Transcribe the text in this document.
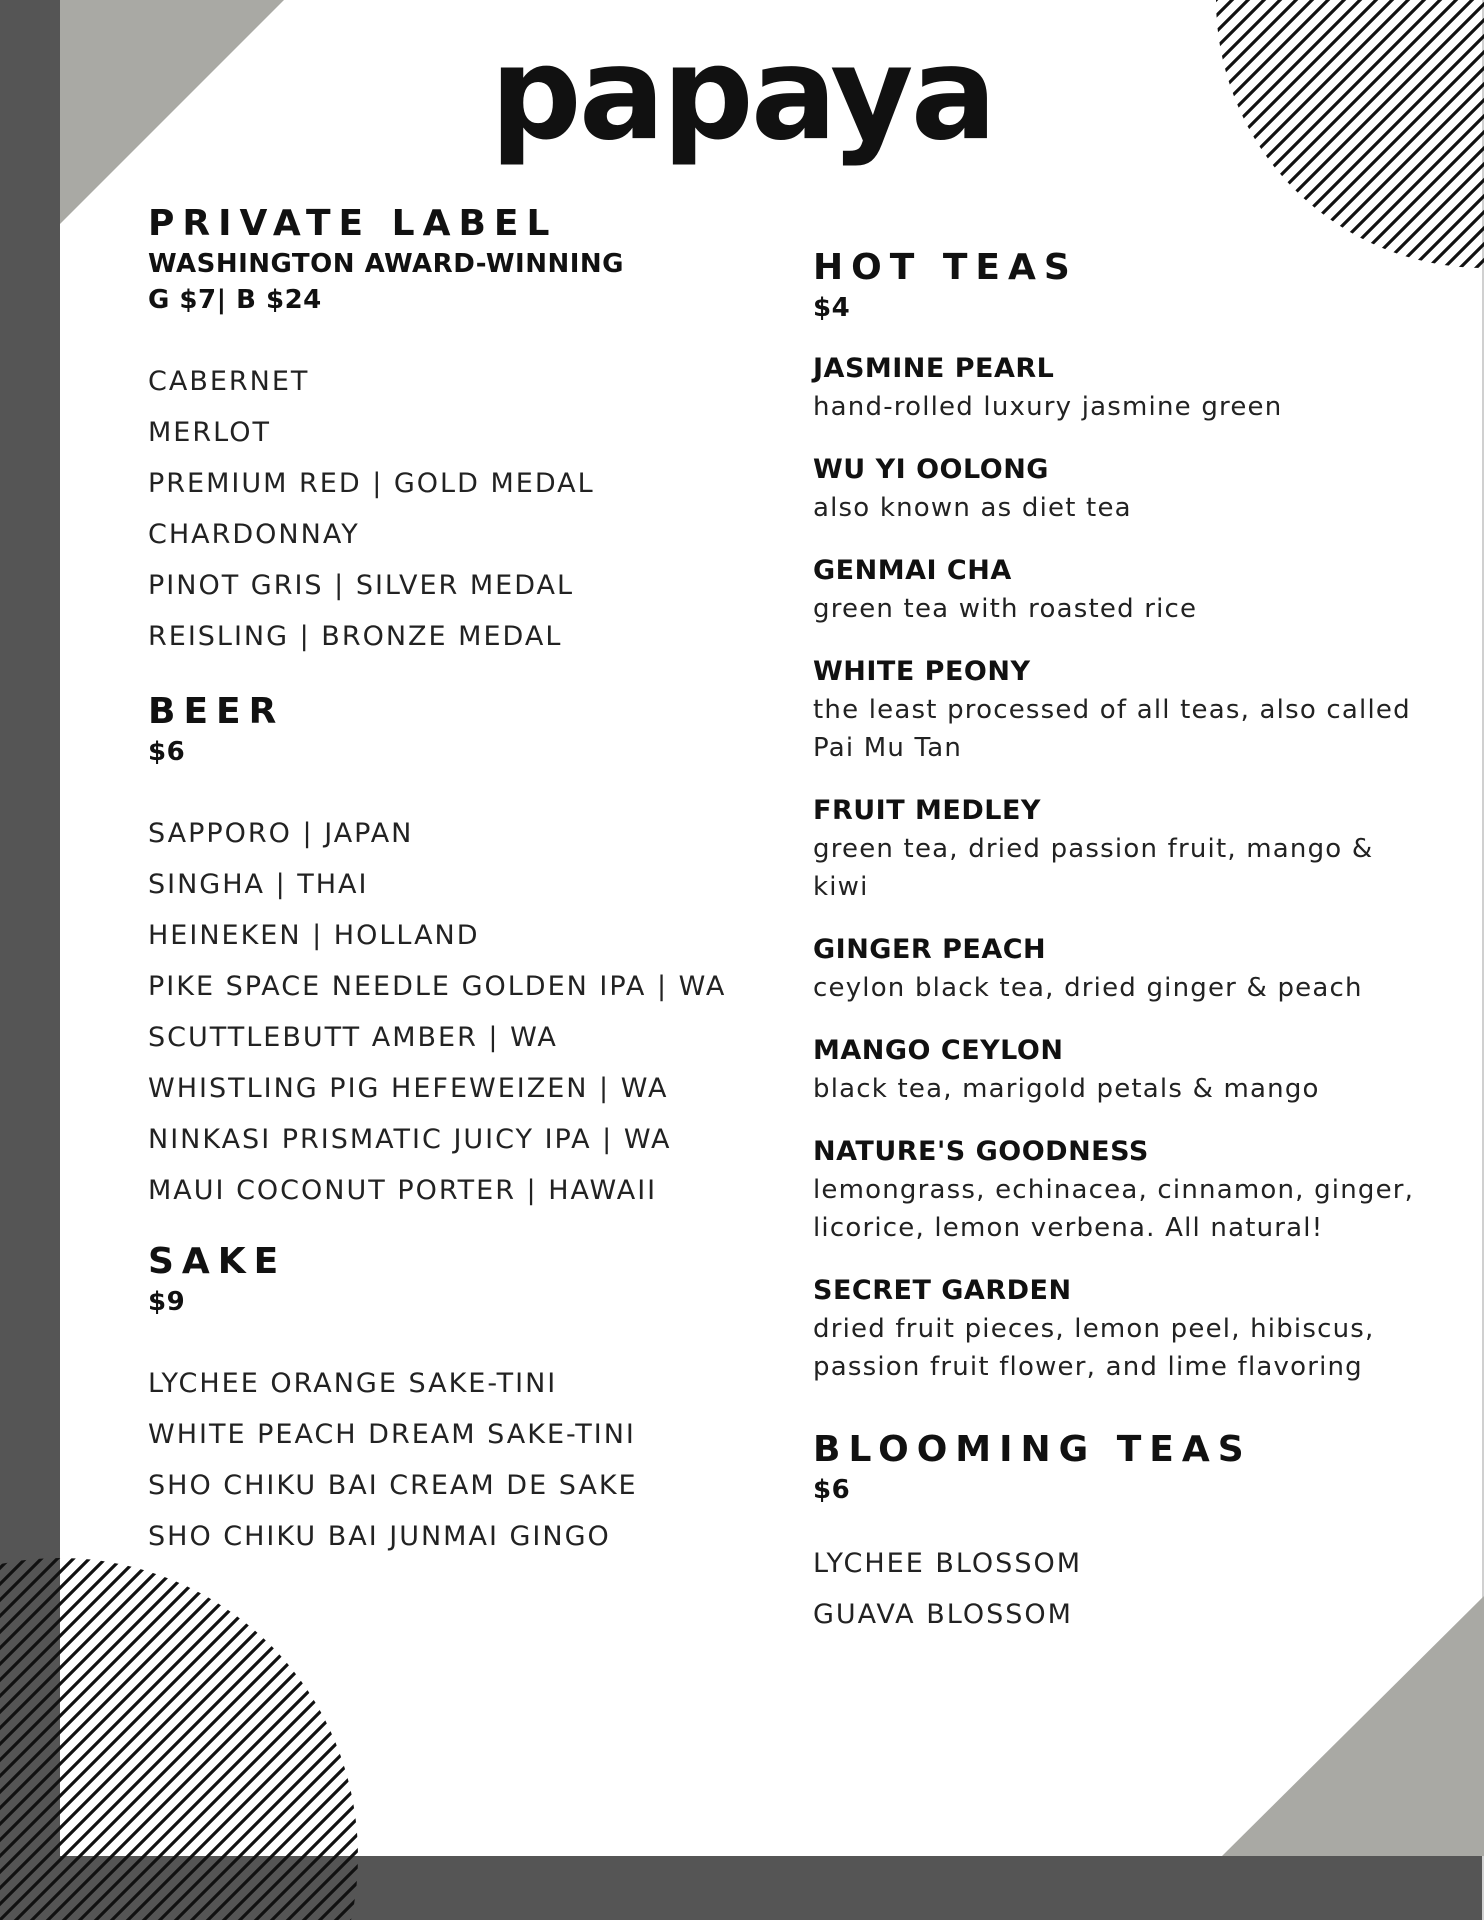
papaya
PRIVATE LABEL

WASHINGTON AWARD-WINNING

G $7| B $24

CABERNET
MERLOT
PREMIUM RED | GOLD MEDAL
CHARDONNAY
PINOT GRIS | SILVER MEDAL
REISLING | BRONZE MEDAL
BEER

$6

SAPPORO | JAPAN
SINGHA | THAI
HEINEKEN | HOLLAND
PIKE SPACE NEEDLE GOLDEN IPA | WA
SCUTTLEBUTT AMBER | WA
WHISTLING PIG HEFEWEIZEN | WA
NINKASI PRISMATIC JUICY IPA | WA
MAUI COCONUT PORTER | HAWAII
SAKE

$9

LYCHEE ORANGE SAKE-TINI
WHITE PEACH DREAM SAKE-TINI
SHO CHIKU BAI CREAM DE SAKE
SHO CHIKU BAI JUNMAI GINGO
HOT TEAS

$4

JASMINE PEARL

hand-rolled luxury jasmine green

WU YI OOLONG

also known as diet tea

GENMAI CHA

green tea with roasted rice

WHITE PEONY

the least processed of all teas, also called Pai Mu Tan

FRUIT MEDLEY

green tea, dried passion fruit, mango & kiwi

GINGER PEACH

ceylon black tea, dried ginger & peach

MANGO CEYLON

black tea, marigold petals & mango

NATURE'S GOODNESS

lemongrass, echinacea, cinnamon, ginger, licorice, lemon verbena. All natural!

SECRET GARDEN

dried fruit pieces, lemon peel, hibiscus, passion fruit flower, and lime flavoring

BLOOMING TEAS

$6

LYCHEE BLOSSOM
GUAVA BLOSSOM
